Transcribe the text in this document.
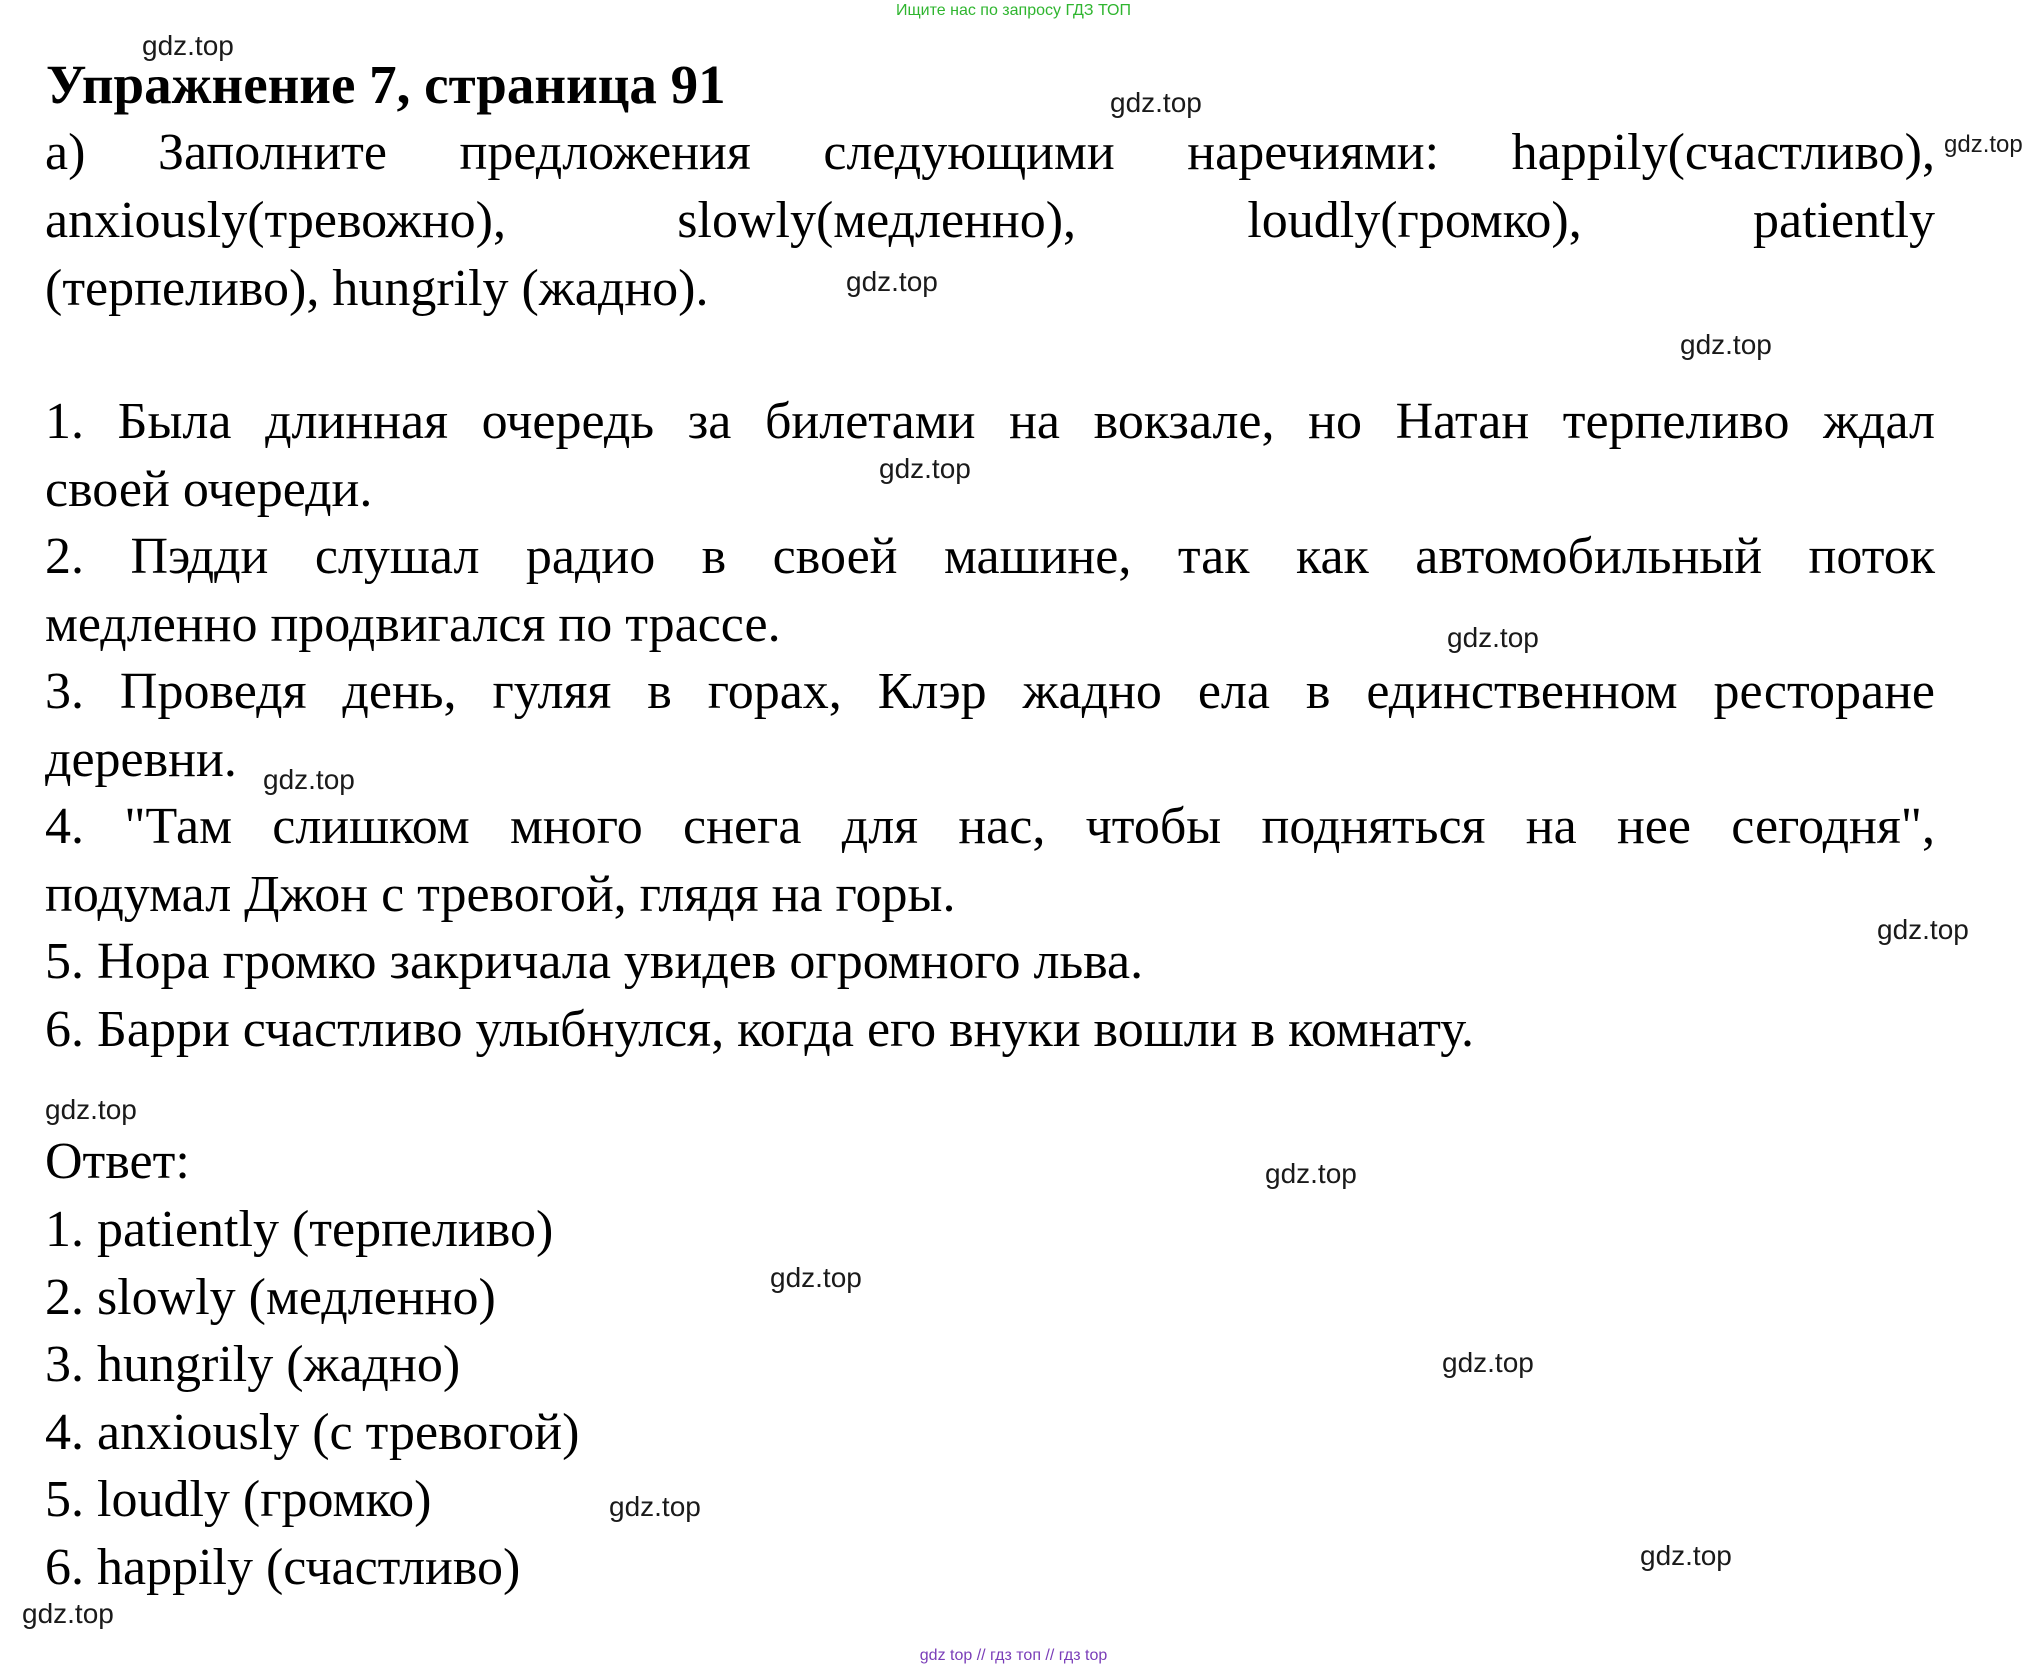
Ищите нас по запросу ГДЗ ТОП
Упражнение 7, страница 91
а) Заполните предложения следующими наречиями: happily(счастливо),
anxiously(тревожно), slowly(медленно), loudly(громко), patiently
(терпеливо), hungrily (жадно).
1. Была длинная очередь за билетами на вокзале, но Натан терпеливо ждал
своей очереди.
2. Пэдди слушал радио в своей машине, так как автомобильный поток
медленно продвигался по трассе.
3. Проведя день, гуляя в горах, Клэр жадно ела в единственном ресторане
деревни.
4. "Там слишком много снега для нас, чтобы подняться на нее сегодня",
подумал Джон с тревогой, глядя на горы.
5. Нора громко закричала увидев огромного льва.
6. Барри счастливо улыбнулся, когда его внуки вошли в комнату.
Ответ:
1. patiently (терпеливо)
2. slowly (медленно)
3. hungrily (жадно)
4. anxiously (с тревогой)
5. loudly (громко)
6. happily (счастливо)
gdz.top
gdz.top
gdz.top
gdz.top
gdz.top
gdz.top
gdz.top
gdz.top
gdz.top
gdz.top
gdz.top
gdz.top
gdz.top
gdz.top
gdz.top
gdz.top
gdz top // гдз топ // гдз top
